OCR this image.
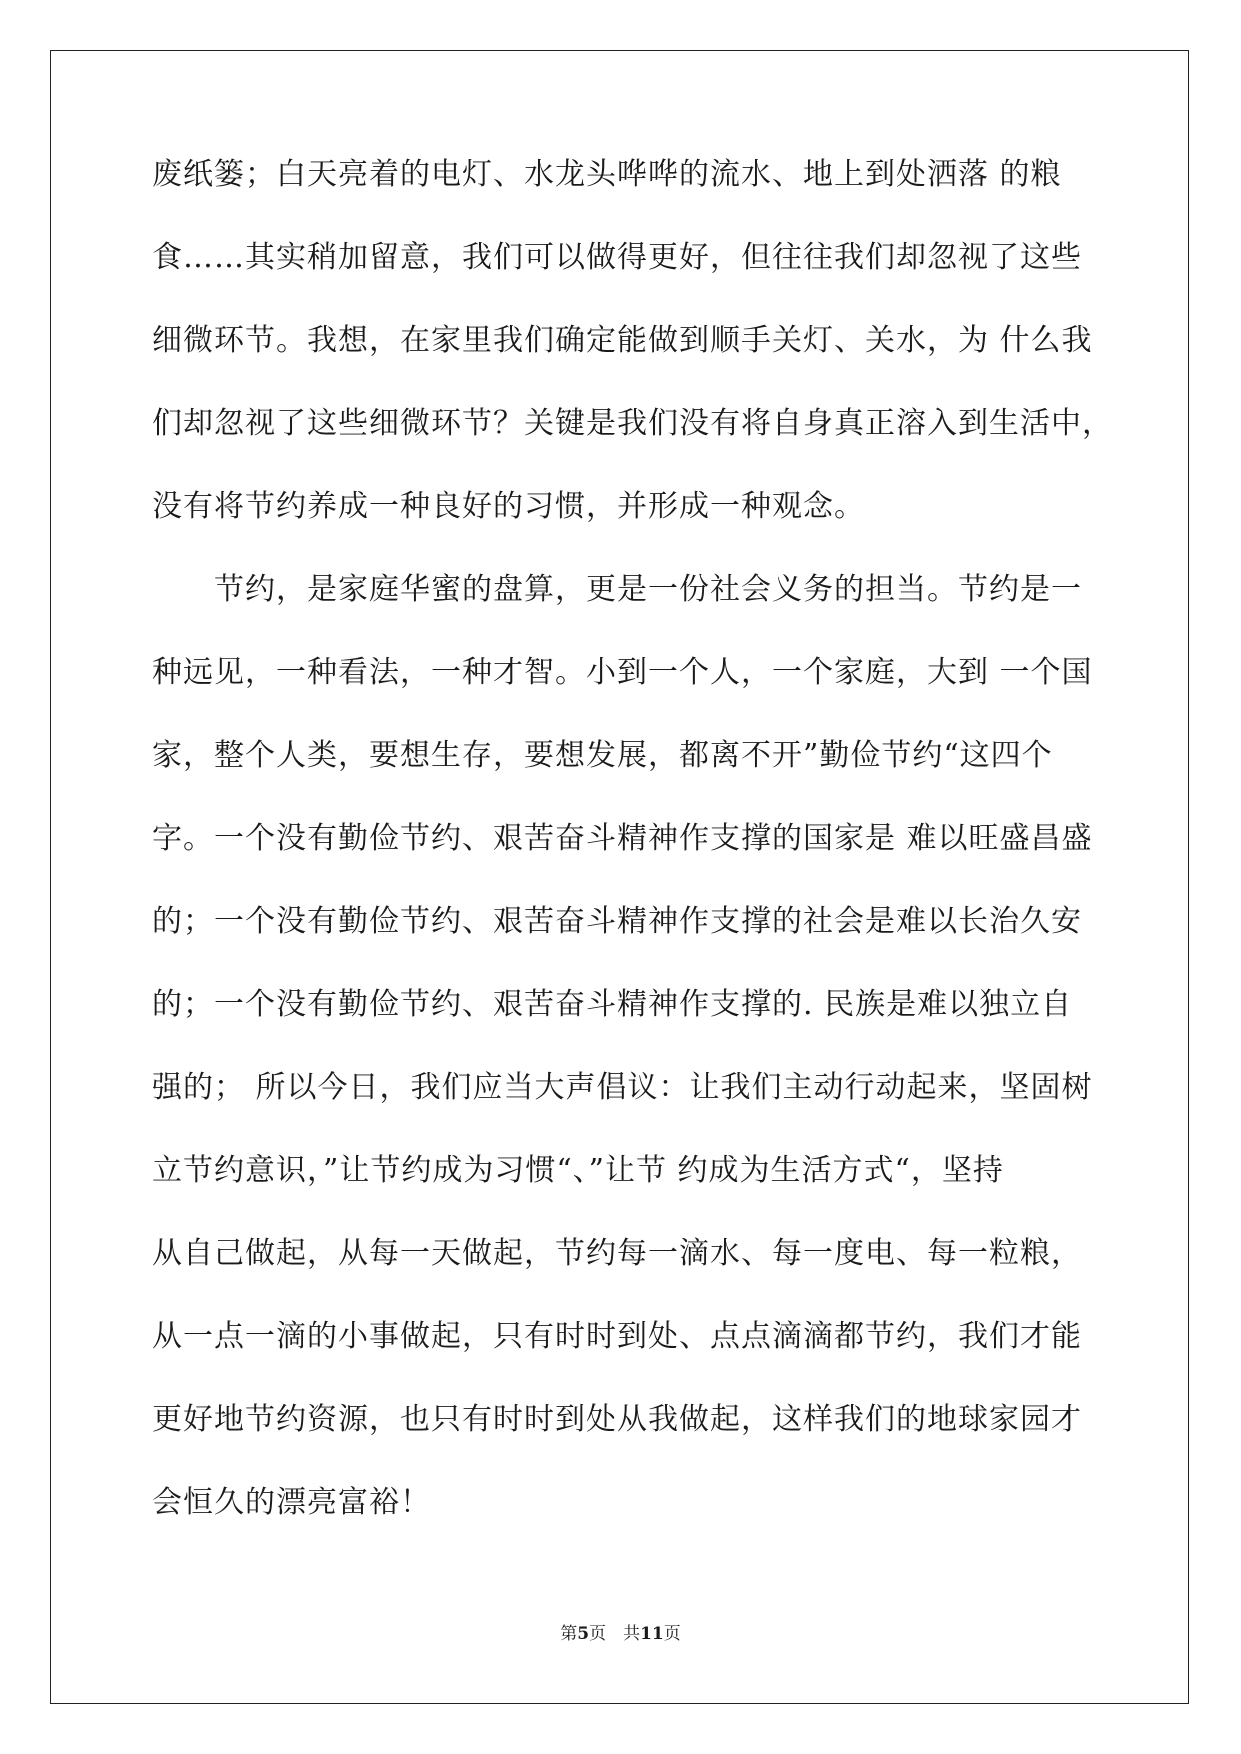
废纸篓；白天亮着的电灯、水龙头哗哗的流水、地上到处洒落 的粮
食……其实稍加留意，我们可以做得更好，但往往我们却忽视了这些
细微环节。我想，在家里我们确定能做到顺手关灯、关水，为 什么我
们却忽视了这些细微环节？关键是我们没有将自身真正溶入到生活中，
没有将节约养成一种良好的习惯，并形成一种观念。
　　节约，是家庭华蜜的盘算，更是一份社会义务的担当。节约是一
种远见，一种看法，一种才智。小到一个人，一个家庭，大到 一个国
家，整个人类，要想生存，要想发展，都离不开”勤俭节约“这四个
字。一个没有勤俭节约、艰苦奋斗精神作支撑的国家是 难以旺盛昌盛
的；一个没有勤俭节约、艰苦奋斗精神作支撑的社会是难以长治久安
的；一个没有勤俭节约、艰苦奋斗精神作支撑的. 民族是难以独立自
强的； 所以今日，我们应当大声倡议：让我们主动行动起来，坚固树
立节约意识，”让节约成为习惯“、”让节 约成为生活方式“，坚持
从自己做起，从每一天做起，节约每一滴水、每一度电、每一粒粮，
从一点一滴的小事做起，只有时时到处、点点滴滴都节约，我们才能
更好地节约资源，也只有时时到处从我做起，这样我们的地球家园才
会恒久的漂亮富裕！
第5页　共11页
